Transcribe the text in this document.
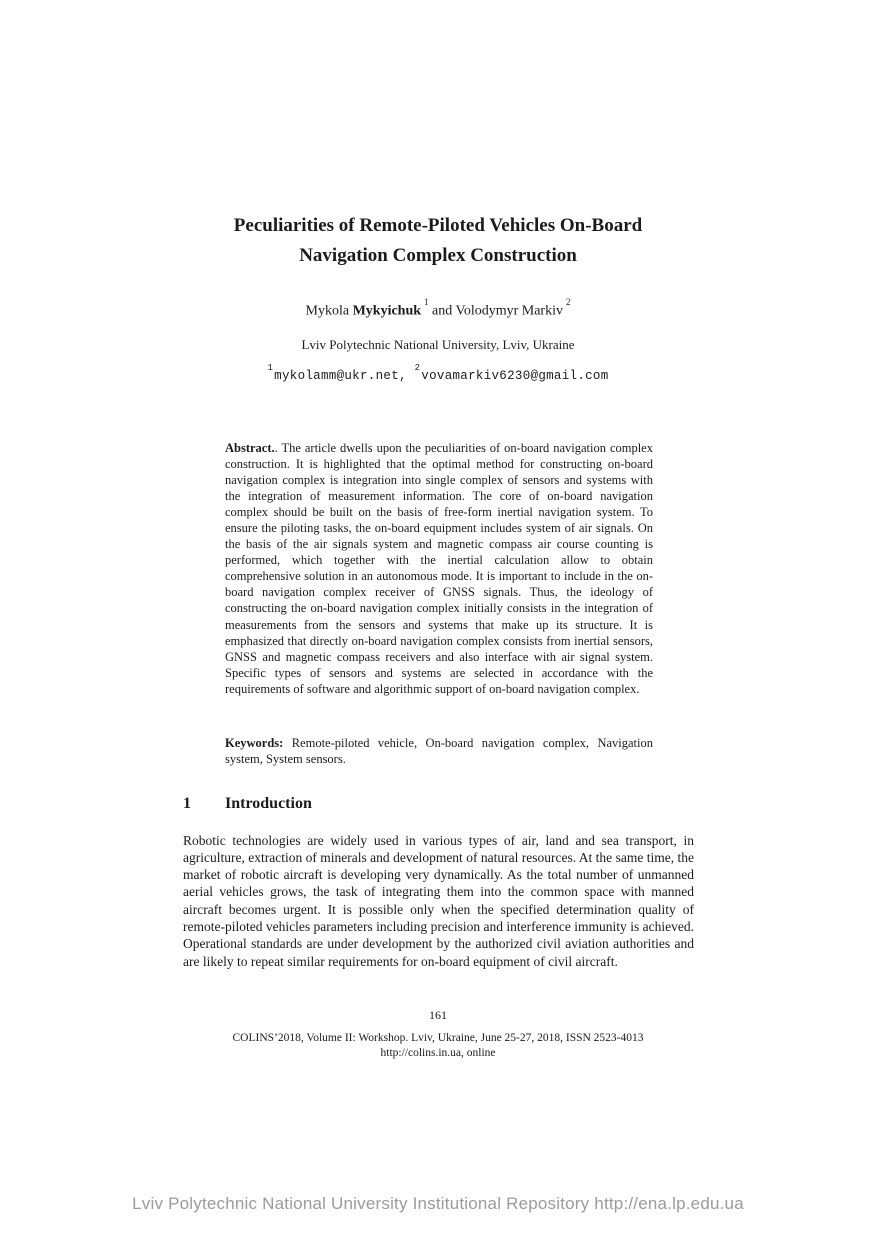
Peculiarities of Remote-Piloted Vehicles On-Board Navigation Complex Construction
Mykola Mykyichuk$^1$ and Volodymyr Markiv$^2$
Lviv Polytechnic National University, Lviv, Ukraine
$^1$mykolamm@ukr.net, $^2$vovamarkiv6230@gmail.com

Abstract.. The article dwells upon the peculiarities of on-board navigation complex construction. It is highlighted that the optimal method for constructing on-board navigation complex is integration into single complex of sensors and systems with the integration of measurement information. The core of on-board navigation complex should be built on the basis of free-form inertial navigation system. To ensure the piloting tasks, the on-board equipment includes system of air signals. On the basis of the air signals system and magnetic compass air course counting is performed, which together with the inertial calculation allow to obtain comprehensive solution in an autonomous mode. It is important to include in the on-board navigation complex receiver of GNSS signals. Thus, the ideology of constructing the on-board navigation complex initially consists in the integration of measurements from the sensors and systems that make up its structure. It is emphasized that directly on-board navigation complex consists from inertial sensors, GNSS and magnetic compass receivers and also interface with air signal system. Specific types of sensors and systems are selected in accordance with the requirements of software and algorithmic support of on-board navigation complex.

Keywords: Remote-piloted vehicle, On-board navigation complex, Navigation system, System sensors.

1 Introduction

Robotic technologies are widely used in various types of air, land and sea transport, in agriculture, extraction of minerals and development of natural resources. At the same time, the market of robotic aircraft is developing very dynamically. As the total number of unmanned aerial vehicles grows, the task of integrating them into the common space with manned aircraft becomes urgent. It is possible only when the specified determination quality of remote-piloted vehicles parameters including precision and interference immunity is achieved. Operational standards are under development by the authorized civil aviation authorities and are likely to repeat similar requirements for on-board equipment of civil aircraft.

161
COLINS’2018, Volume II: Workshop. Lviv, Ukraine, June 25-27, 2018, ISSN 2523-4013
http://colins.in.ua, online
Lviv Polytechnic National University Institutional Repository http://ena.lp.edu.ua
